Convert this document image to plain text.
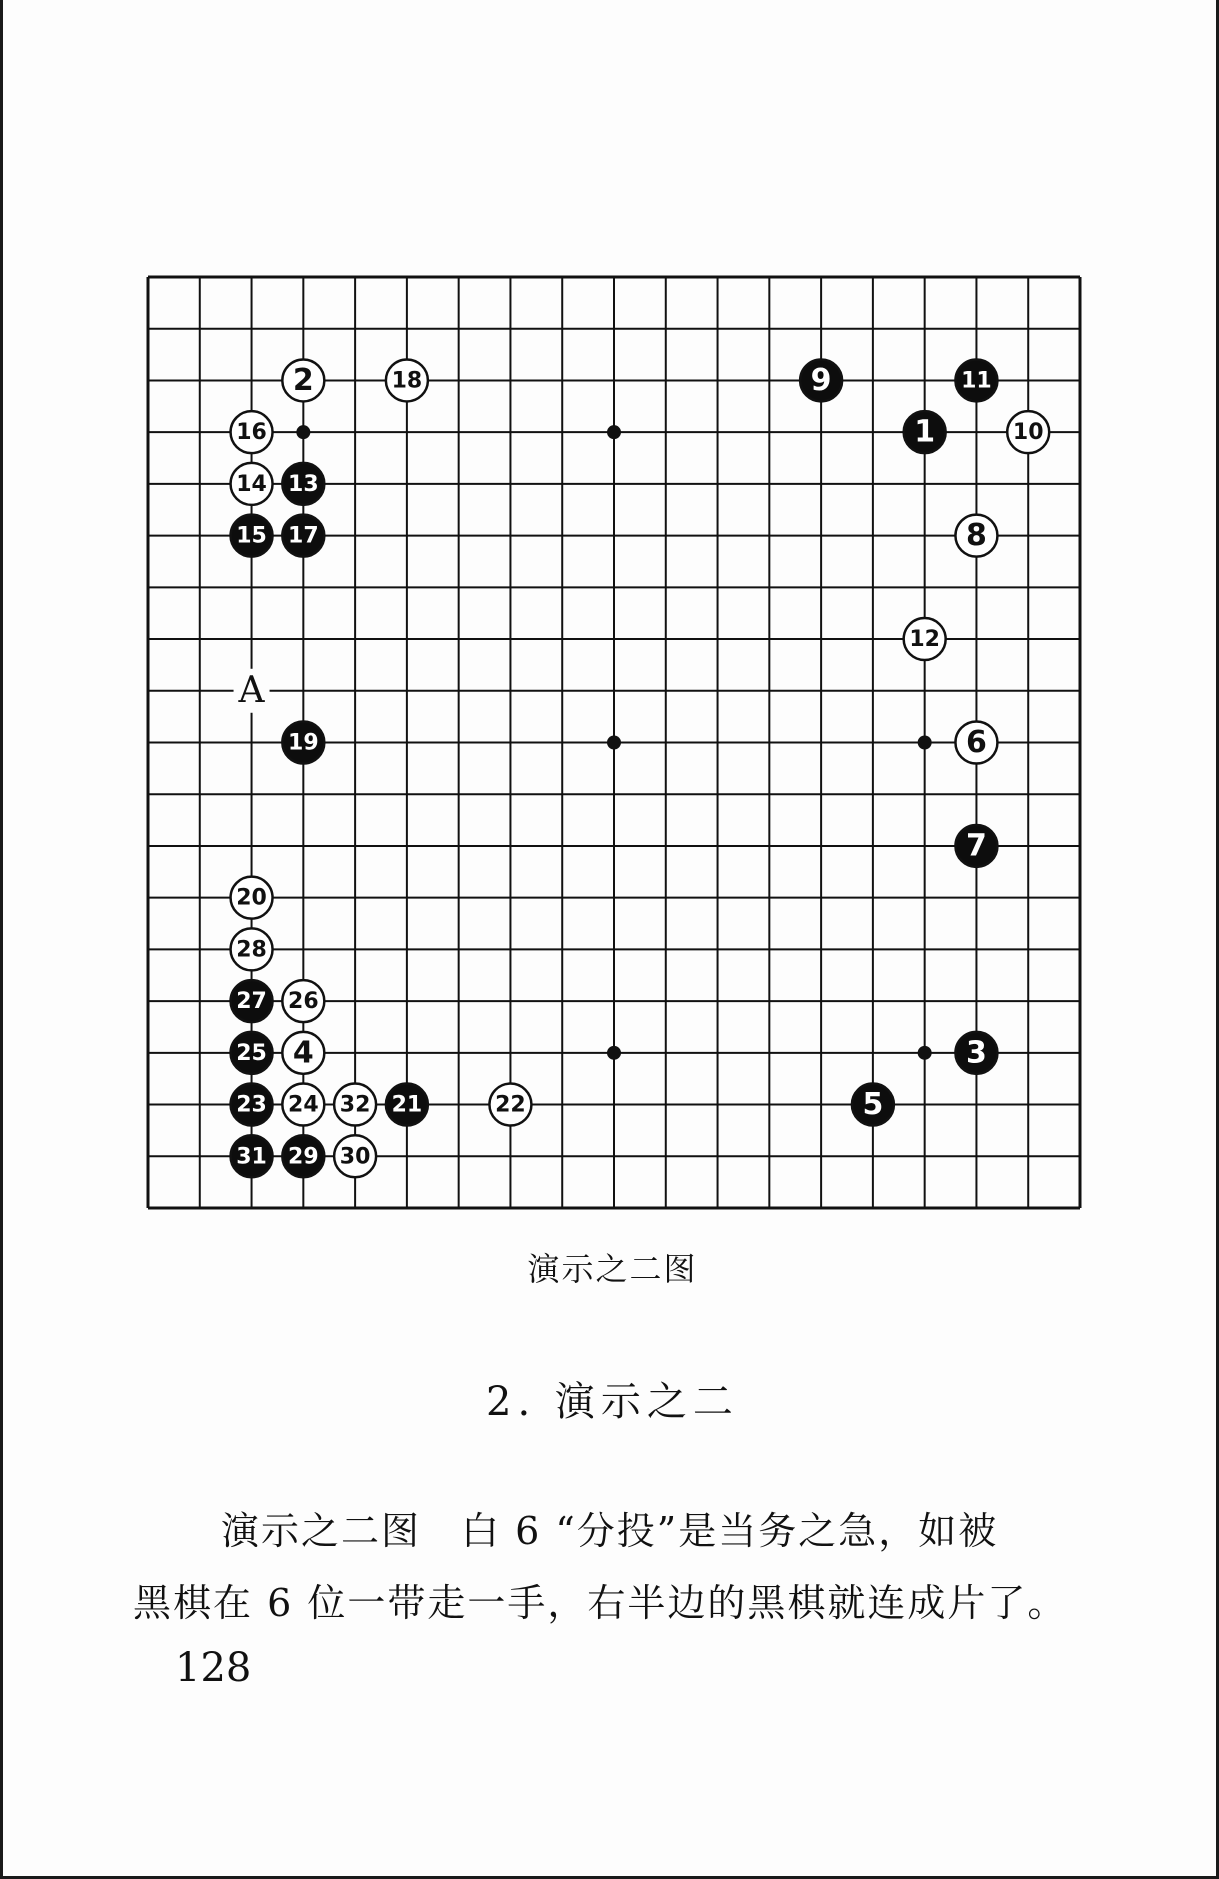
2
4
6
8
10
12
14
16
18
20
22
24
26
28
30
32
1
3
5
7
9	11
13
15 17
19
21
23
25
27
29
31
A
演示之二图
2. 演示之二
演示之二图　白 6 “分投”是当务之急，如被
黑棋在 6 位一带走一手，右半边的黑棋就连成片了。
128
